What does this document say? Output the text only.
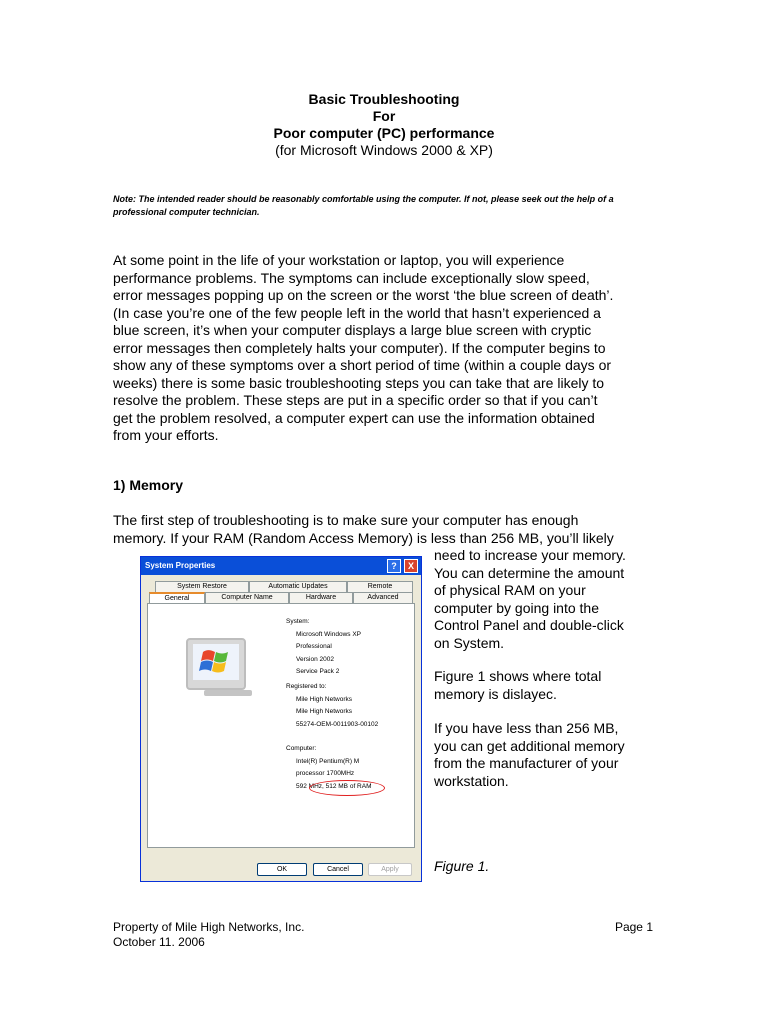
Basic Troubleshooting
For
Poor computer (PC) performance
(for Microsoft Windows 2000 & XP)
Note: The intended reader should be reasonably comfortable using the computer. If not, please seek out the help of a professional computer technician.
At some point in the life of your workstation or laptop, you will experience
performance problems. The symptoms can include exceptionally slow speed,
error messages popping up on the screen or the worst ‘the blue screen of death’.
(In case you’re one of the few people left in the world that hasn’t experienced a
blue screen, it’s when your computer displays a large blue screen with cryptic
error messages then completely halts your computer). If the computer begins to
show any of these symptoms over a short period of time (within a couple days or
weeks) there is some basic troubleshooting steps you can take that are likely to
resolve the problem. These steps are put in a specific order so that if you can’t
get the problem resolved, a computer expert can use the information obtained
from your efforts.
1) Memory
The first step of troubleshooting is to make sure your computer has enough
memory. If your RAM (Random Access Memory) is less than 256 MB, you’ll likely
need to increase your memory.
You can determine the amount
of physical RAM on your
computer by going into the
Control Panel and double-click
on System.
Figure 1 shows where total
memory is dislayec.
If you have less than 256 MB,
you can get additional memory
from the manufacturer of your
workstation.
Figure 1.
System Properties	?	X
System Restore	Automatic Updates	Remote
General	Computer Name	Hardware	Advanced
System:
Microsoft Windows XP
Professional
Version 2002
Service Pack 2
Registered to:
Mile High Networks
Mile High Networks
55274-OEM-0011903-00102
Computer:
Intel(R) Pentium(R) M
processor 1700MHz
592 MHz, 512 MB of RAM
OK	Cancel	Apply
Property of Mile High Networks, Inc.
October 11. 2006
Page 1
